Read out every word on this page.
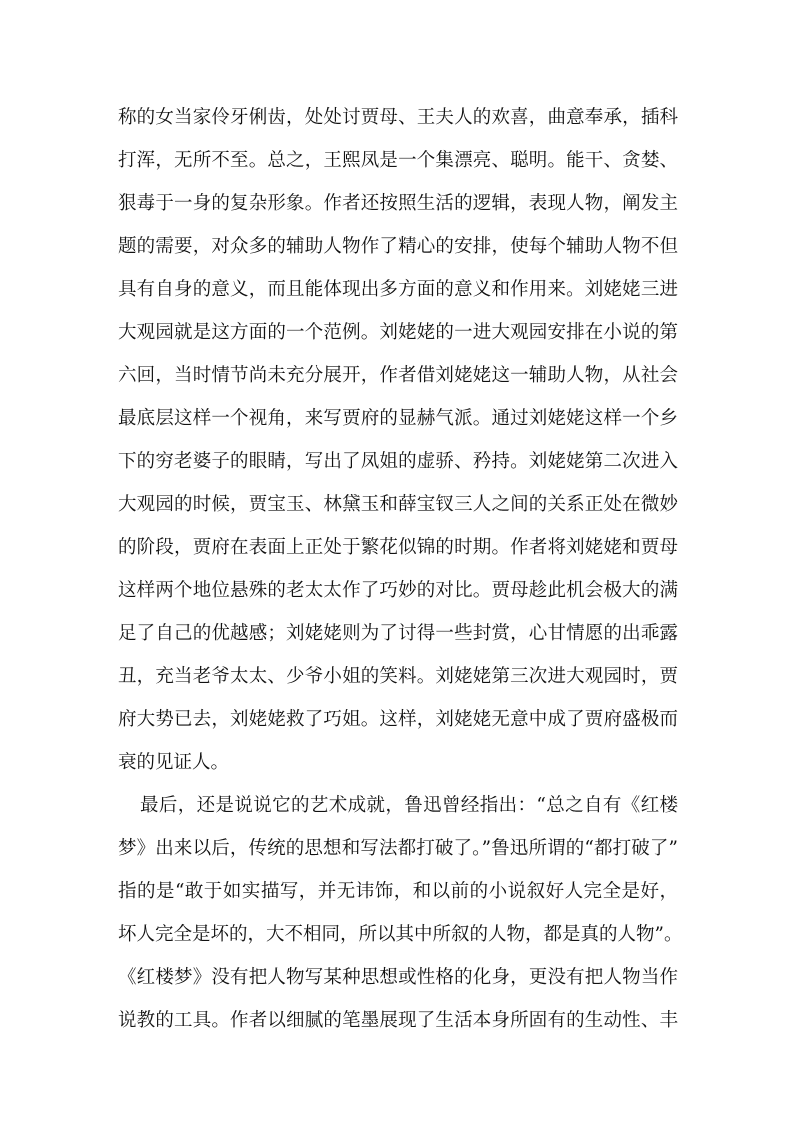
称的女当家伶牙俐齿，处处讨贾母、王夫人的欢喜，曲意奉承，插科
打浑，无所不至。总之，王熙凤是一个集漂亮、聪明。能干、贪婪、
狠毒于一身的复杂形象。作者还按照生活的逻辑，表现人物，阐发主
题的需要，对众多的辅助人物作了精心的安排，使每个辅助人物不但
具有自身的意义，而且能体现出多方面的意义和作用来。刘姥姥三进
大观园就是这方面的一个范例。刘姥姥的一进大观园安排在小说的第
六回，当时情节尚未充分展开，作者借刘姥姥这一辅助人物，从社会
最底层这样一个视角，来写贾府的显赫气派。通过刘姥姥这样一个乡
下的穷老婆子的眼睛，写出了凤姐的虚骄、矜持。刘姥姥第二次进入
大观园的时候，贾宝玉、林黛玉和薛宝钗三人之间的关系正处在微妙
的阶段，贾府在表面上正处于繁花似锦的时期。作者将刘姥姥和贾母
这样两个地位悬殊的老太太作了巧妙的对比。贾母趁此机会极大的满
足了自己的优越感；刘姥姥则为了讨得一些封赏，心甘情愿的出乖露
丑，充当老爷太太、少爷小姐的笑料。刘姥姥第三次进大观园时，贾
府大势已去，刘姥姥救了巧姐。这样，刘姥姥无意中成了贾府盛极而
衰的见证人。
最后，还是说说它的艺术成就，鲁迅曾经指出：“总之自有《红楼
梦》出来以后，传统的思想和写法都打破了。”鲁迅所谓的“都打破了”
指的是“敢于如实描写，并无讳饰，和以前的小说叙好人完全是好，
坏人完全是坏的，大不相同，所以其中所叙的人物，都是真的人物”。
《红楼梦》没有把人物写某种思想或性格的化身，更没有把人物当作
说教的工具。作者以细腻的笔墨展现了生活本身所固有的生动性、丰
